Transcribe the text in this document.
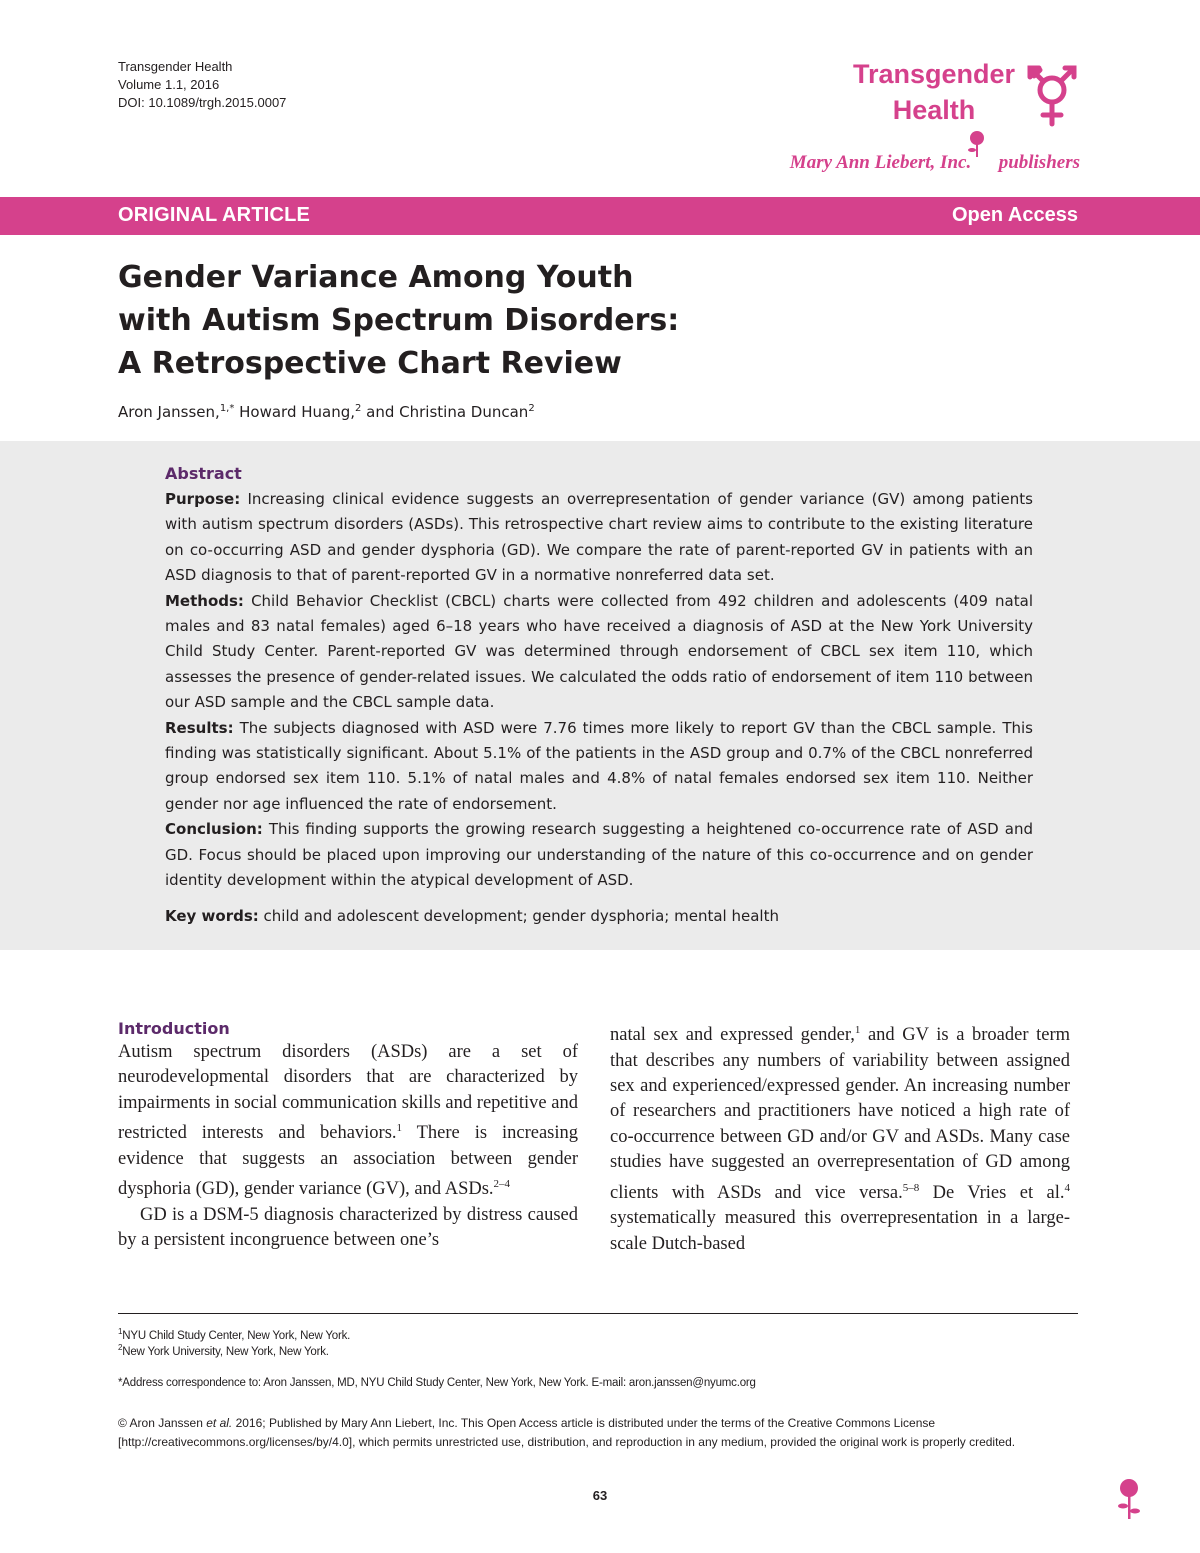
Transgender Health
Volume 1.1, 2016
DOI: 10.1089/trgh.2015.0007
Transgender
Health
Mary Ann Liebert, Inc. publishers
ORIGINAL ARTICLE	Open Access
Gender Variance Among Youth
with Autism Spectrum Disorders:
A Retrospective Chart Review
Aron Janssen,$^{1,*}$ Howard Huang,$^2$ and Christina Duncan$^2$
Abstract

Purpose: Increasing clinical evidence suggests an overrepresentation of gender variance (GV) among patients with autism spectrum disorders (ASDs). This retrospective chart review aims to contribute to the existing literature on co-occurring ASD and gender dysphoria (GD). We compare the rate of parent-reported GV in patients with an ASD diagnosis to that of parent-reported GV in a normative nonreferred data set.

Methods: Child Behavior Checklist (CBCL) charts were collected from 492 children and adolescents (409 natal males and 83 natal females) aged 6–18 years who have received a diagnosis of ASD at the New York University Child Study Center. Parent-reported GV was determined through endorsement of CBCL sex item 110, which assesses the presence of gender-related issues. We calculated the odds ratio of endorsement of item 110 between our ASD sample and the CBCL sample data.

Results: The subjects diagnosed with ASD were 7.76 times more likely to report GV than the CBCL sample. This finding was statistically significant. About 5.1% of the patients in the ASD group and 0.7% of the CBCL nonreferred group endorsed sex item 110. 5.1% of natal males and 4.8% of natal females endorsed sex item 110. Neither gender nor age influenced the rate of endorsement.

Conclusion: This finding supports the growing research suggesting a heightened co-occurrence rate of ASD and GD. Focus should be placed upon improving our understanding of the nature of this co-occurrence and on gender identity development within the atypical development of ASD.

Key words: child and adolescent development; gender dysphoria; mental health

Introduction

Autism spectrum disorders (ASDs) are a set of neurodevelopmental disorders that are characterized by impairments in social communication skills and repetitive and restricted interests and behaviors.$^1$ There is increasing evidence that suggests an association between gender dysphoria (GD), gender variance (GV), and ASDs.$^{2-4}$

GD is a DSM-5 diagnosis characterized by distress caused by a persistent incongruence between one’s

natal sex and expressed gender,$^1$ and GV is a broader term that describes any numbers of variability between assigned sex and experienced/expressed gender. An increasing number of researchers and practitioners have noticed a high rate of co-occurrence between GD and/or GV and ASDs. Many case studies have suggested an overrepresentation of GD among clients with ASDs and vice versa.$^{5-8}$ De Vries et al.$^4$ systematically measured this overrepresentation in a large-scale Dutch-based

$^1$NYU Child Study Center, New York, New York.
$^2$New York University, New York, New York.
*Address correspondence to: Aron Janssen, MD, NYU Child Study Center, New York, New York. E-mail: aron.janssen@nyumc.org
© Aron Janssen et al. 2016; Published by Mary Ann Liebert, Inc. This Open Access article is distributed under the terms of the Creative Commons License [http://creativecommons.org/licenses/by/4.0], which permits unrestricted use, distribution, and reproduction in any medium, provided the original work is properly credited.
63
